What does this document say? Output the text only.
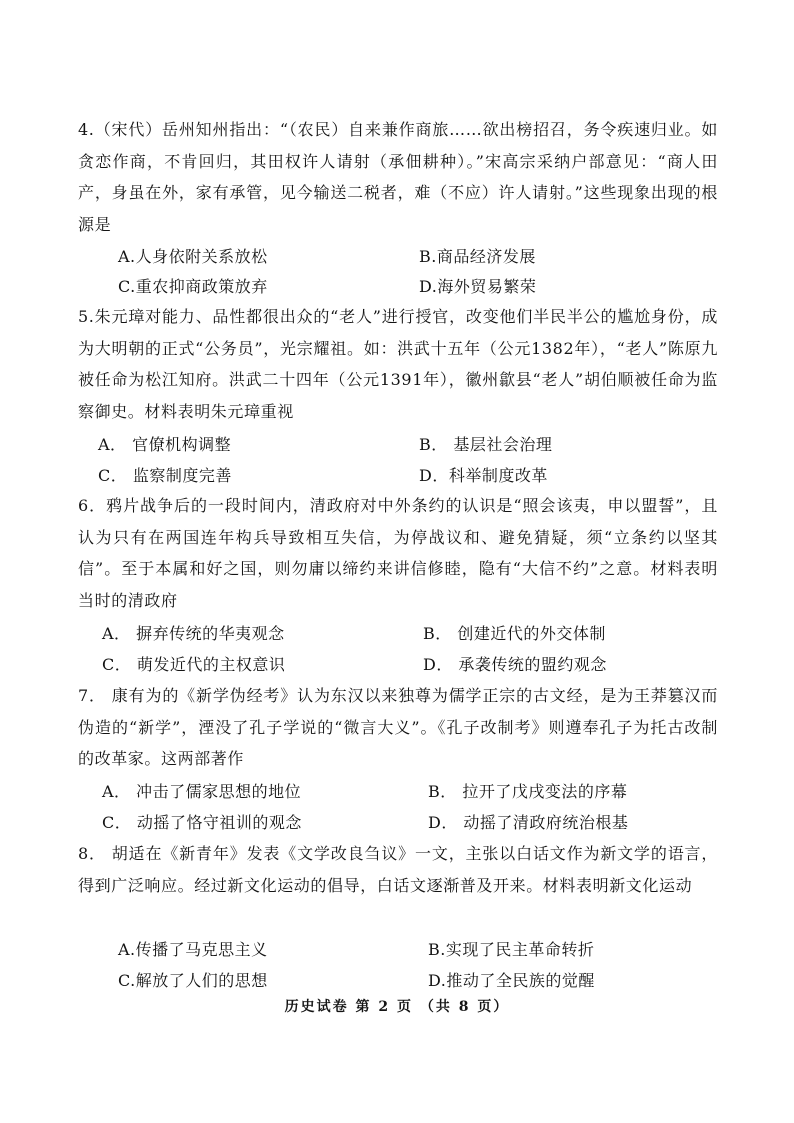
4.（宋代）岳州知州指出：“（农民）自来兼作商旅……欲出榜招召，务令疾速归业。如贪恋作商，不肯回归，其田权许人请射（承佃耕种）。”宋高宗采纳户部意见：“商人田产，身虽在外，家有承管，见今输送二税者，难（不应）许人请射。”这些现象出现的根源是

A.人身依附关系放松	B.商品经济发展
C.重农抑商政策放弃	D.海外贸易繁荣

5.朱元璋对能力、品性都很出众的“老人”进行授官，改变他们半民半公的尴尬身份，成为大明朝的正式“公务员”，光宗耀祖。如：洪武十五年（公元1382年），“老人”陈原九被任命为松江知府。洪武二十四年（公元1391年），徽州歙县“老人”胡伯顺被任命为监察御史。材料表明朱元璋重视

A． 官僚机构调整	B． 基层社会治理
C． 监察制度完善	D．科举制度改革

6．鸦片战争后的一段时间内，清政府对中外条约的认识是“照会该夷，申以盟誓”，且认为只有在两国连年构兵导致相互失信，为停战议和、避免猜疑，须“立条约以坚其信”。至于本属和好之国，则勿庸以缔约来讲信修睦，隐有“大信不约”之意。材料表明当时的清政府

A． 摒弃传统的华夷观念	B． 创建近代的外交体制
C． 萌发近代的主权意识	D． 承袭传统的盟约观念

7． 康有为的《新学伪经考》认为东汉以来独尊为儒学正宗的古文经，是为王莽篡汉而伪造的“新学”，湮没了孔子学说的“微言大义”。《孔子改制考》则遵奉孔子为托古改制的改革家。这两部著作

A． 冲击了儒家思想的地位	B． 拉开了戊戌变法的序幕
C． 动摇了恪守祖训的观念	D． 动摇了清政府统治根基

8． 胡适在《新青年》发表《文学改良刍议》一文，主张以白话文作为新文学的语言，得到广泛响应。经过新文化运动的倡导，白话文逐渐普及开来。材料表明新文化运动

A.传播了马克思主义	B.实现了民主革命转折
C.解放了人们的思想	D.推动了全民族的觉醒
历史试卷 第 2 页 （共 8 页）
